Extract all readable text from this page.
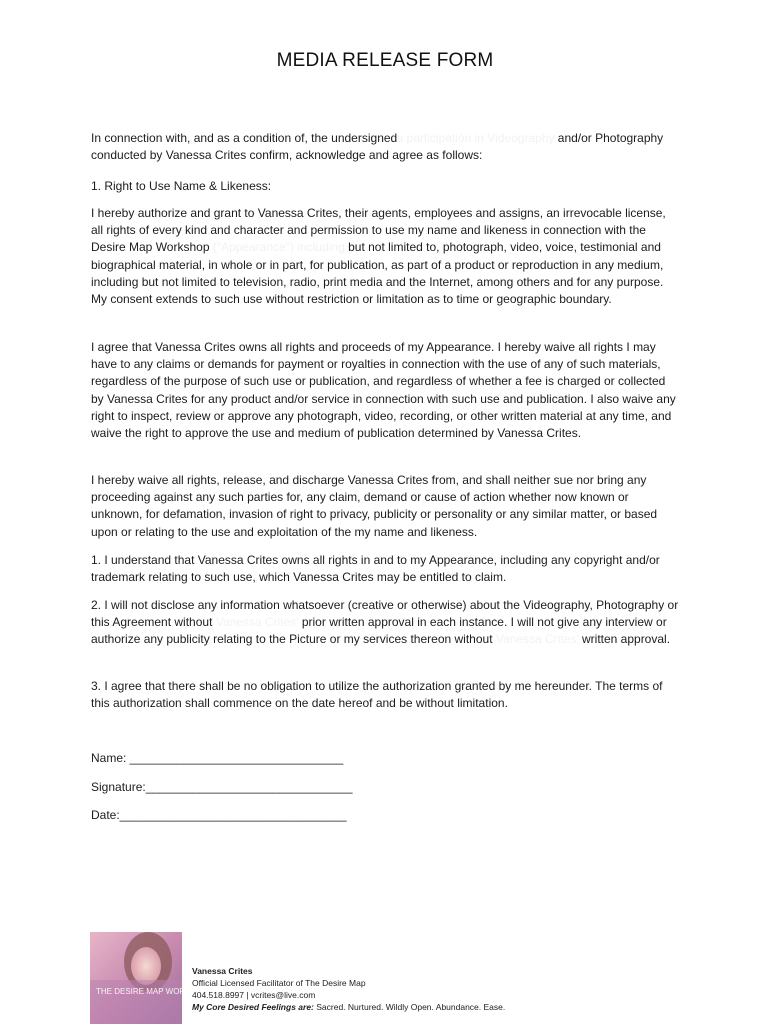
MEDIA RELEASE FORM
In connection with, and as a condition of, the undersigneds participation in Videography and/or Photography conducted by Vanessa Crites confirm, acknowledge and agree as follows:
1. Right to Use Name & Likeness:
I hereby authorize and grant to Vanessa Crites, their agents, employees and assigns, an irrevocable license, all rights of every kind and character and permission to use my name and likeness in connection with the Desire Map Workshop ("Appearance") including but not limited to, photograph, video, voice, testimonial and biographical material, in whole or in part, for publication, as part of a product or reproduction in any medium, including but not limited to television, radio, print media and the Internet, among others and for any purpose. My consent extends to such use without restriction or limitation as to time or geographic boundary.
I agree that Vanessa Crites owns all rights and proceeds of my Appearance. I hereby waive all rights I may have to any claims or demands for payment or royalties in connection with the use of any of such materials, regardless of the purpose of such use or publication, and regardless of whether a fee is charged or collected by Vanessa Crites for any product and/or service in connection with such use and publication. I also waive any right to inspect, review or approve any photograph, video, recording, or other written material at any time, and waive the right to approve the use and medium of publication determined by Vanessa Crites.
I hereby waive all rights, release, and discharge Vanessa Crites from, and shall neither sue nor bring any proceeding against any such parties for, any claim, demand or cause of action whether now known or unknown, for defamation, invasion of right to privacy, publicity or personality or any similar matter, or based upon or relating to the use and exploitation of the my name and likeness.
1. I understand that Vanessa Crites owns all rights in and to my Appearance, including any copyright and/or trademark relating to such use, which Vanessa Crites may be entitled to claim.
2. I will not disclose any information whatsoever (creative or otherwise) about the Videography, Photography or this Agreement without Vanessa Crites' prior written approval in each instance. I will not give any interview or authorize any publicity relating to the Picture or my services thereon without Vanessa Crites' written approval.
3. I agree that there shall be no obligation to utilize the authorization granted by me hereunder. The terms of this authorization shall commence on the date hereof and be without limitation.
Name: ________________________________
Signature:_______________________________
Date:__________________________________
THE DESIRE MAP WORKSHOP
Vanessa Crites
Official Licensed Facilitator of The Desire Map
404.518.8997 | vcrites@live.com
My Core Desired Feelings are: Sacred. Nurtured. Wildly Open. Abundance. Ease.
